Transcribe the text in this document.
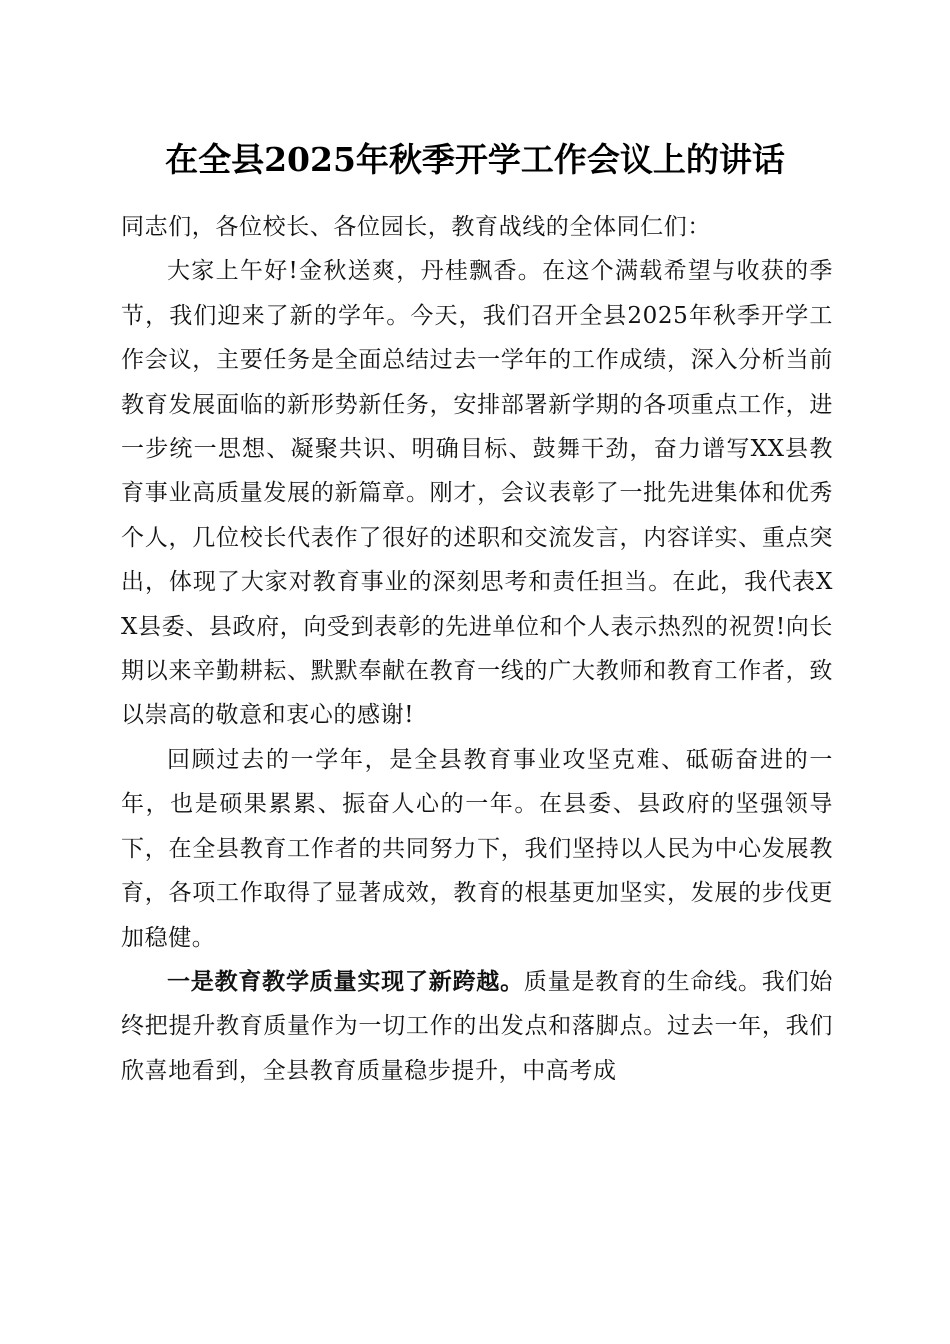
在全县2025年秋季开学工作会议上的讲话

同志们，各位校长、各位园长，教育战线的全体同仁们：

大家上午好!金秋送爽，丹桂飘香。在这个满载希望与收获的季节，我们迎来了新的学年。今天，我们召开全县2025年秋季开学工作会议，主要任务是全面总结过去一学年的工作成绩，深入分析当前教育发展面临的新形势新任务，安排部署新学期的各项重点工作，进一步统一思想、凝聚共识、明确目标、鼓舞干劲，奋力谱写XX县教育事业高质量发展的新篇章。刚才，会议表彰了一批先进集体和优秀个人，几位校长代表作了很好的述职和交流发言，内容详实、重点突出，体现了大家对教育事业的深刻思考和责任担当。在此，我代表XX县委、县政府，向受到表彰的先进单位和个人表示热烈的祝贺!向长期以来辛勤耕耘、默默奉献在教育一线的广大教师和教育工作者，致以崇高的敬意和衷心的感谢!

回顾过去的一学年，是全县教育事业攻坚克难、砥砺奋进的一年，也是硕果累累、振奋人心的一年。在县委、县政府的坚强领导下，在全县教育工作者的共同努力下，我们坚持以人民为中心发展教育，各项工作取得了显著成效，教育的根基更加坚实，发展的步伐更加稳健。

一是教育教学质量实现了新跨越。质量是教育的生命线。我们始终把提升教育质量作为一切工作的出发点和落脚点。过去一年，我们欣喜地看到，全县教育质量稳步提升，中高考成
